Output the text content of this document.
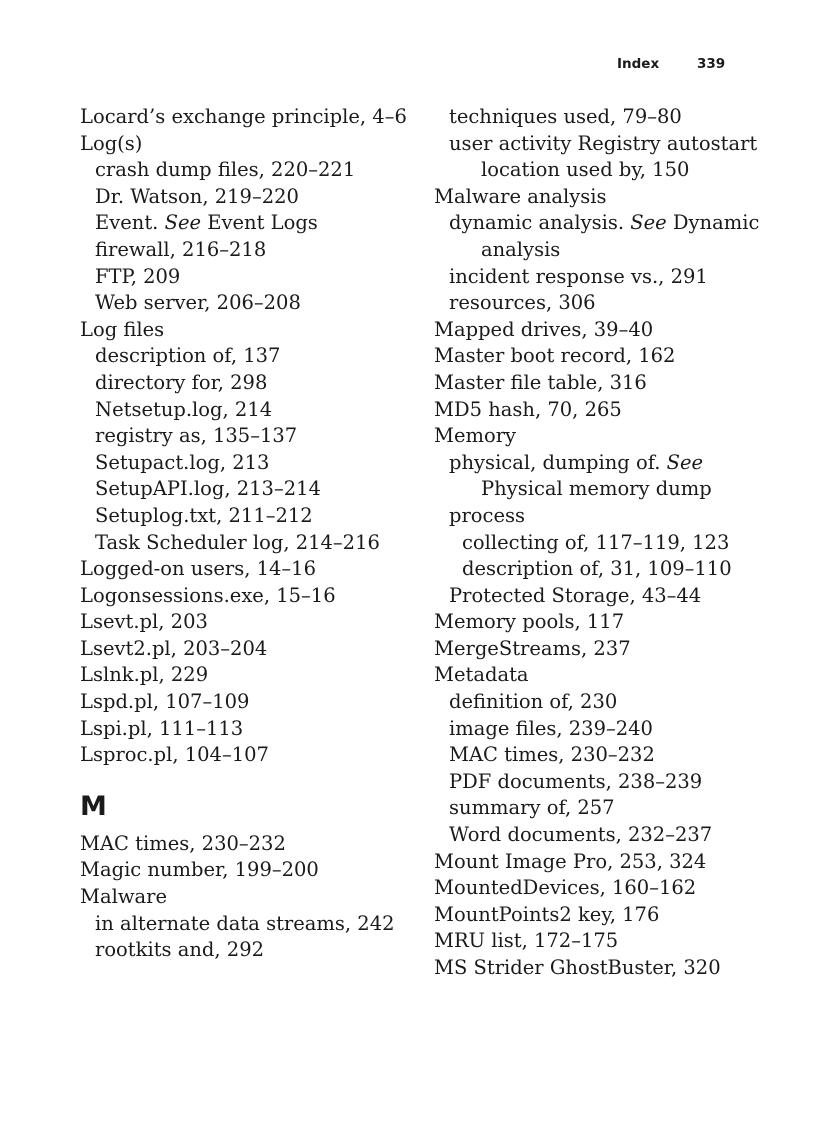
Index	339
Locard’s exchange principle, 4–6
Log(s)
crash dump files, 220–221
Dr. Watson, 219–220
Event. See Event Logs
firewall, 216–218
FTP, 209
Web server, 206–208
Log files
description of, 137
directory for, 298
Netsetup.log, 214
registry as, 135–137
Setupact.log, 213
SetupAPI.log, 213–214
Setuplog.txt, 211–212
Task Scheduler log, 214–216
Logged-on users, 14–16
Logonsessions.exe, 15–16
Lsevt.pl, 203
Lsevt2.pl, 203–204
Lslnk.pl, 229
Lspd.pl, 107–109
Lspi.pl, 111–113
Lsproc.pl, 104–107
M
MAC times, 230–232
Magic number, 199–200
Malware
in alternate data streams, 242
rootkits and, 292
techniques used, 79–80
user activity Registry autostart
location used by, 150
Malware analysis
dynamic analysis. See Dynamic
analysis
incident response vs., 291
resources, 306
Mapped drives, 39–40
Master boot record, 162
Master file table, 316
MD5 hash, 70, 265
Memory
physical, dumping of. See
Physical memory dump
process
collecting of, 117–119, 123
description of, 31, 109–110
Protected Storage, 43–44
Memory pools, 117
MergeStreams, 237
Metadata
definition of, 230
image files, 239–240
MAC times, 230–232
PDF documents, 238–239
summary of, 257
Word documents, 232–237
Mount Image Pro, 253, 324
MountedDevices, 160–162
MountPoints2 key, 176
MRU list, 172–175
MS Strider GhostBuster, 320
